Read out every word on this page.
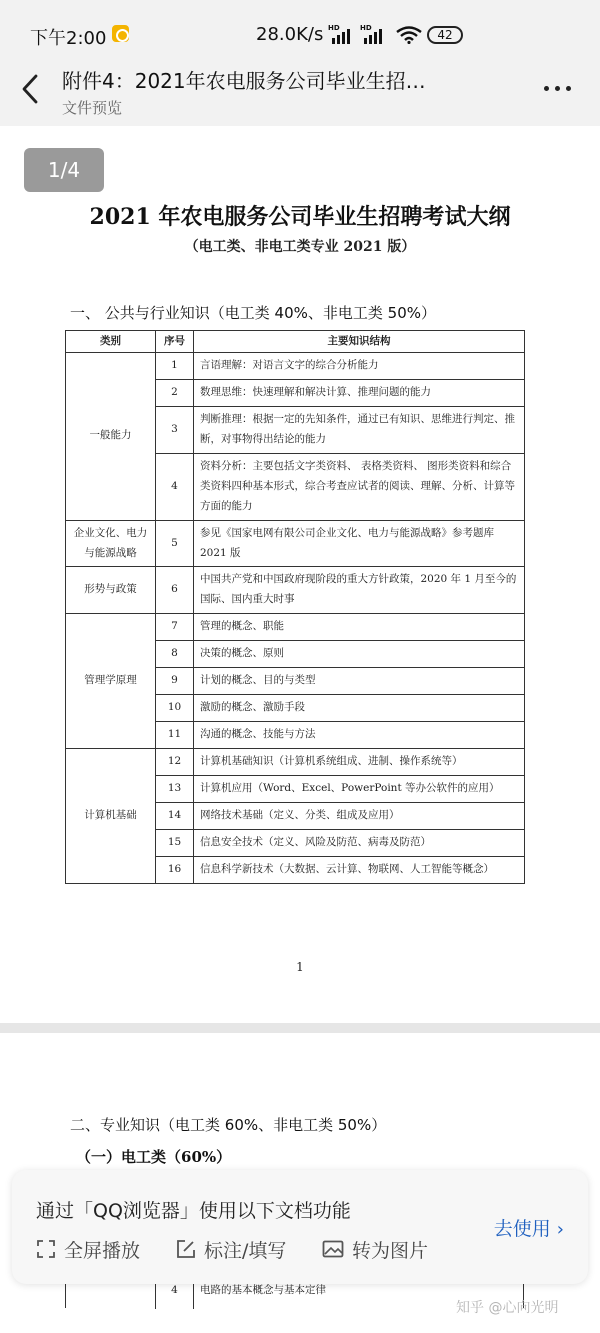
下午2:00	28.0K/s HD	HD	42
附件4：2021年农电服务公司毕业生招…
文件预览
1/4
2021 年农电服务公司毕业生招聘考试大纲
（电工类、非电工类专业 2021 版）
一、 公共与行业知识（电工类 40%、非电工类 50%）
类别	序号	主要知识结构
一般能力	1	言语理解：对语言文字的综合分析能力
	2	数理思维：快速理解和解决计算、推理问题的能力
	3	判断推理：根据一定的先知条件，通过已有知识、思维进行判定、推断，对事物得出结论的能力
	4	资料分析：主要包括文字类资料、 表格类资料、 图形类资料和综合类资料四种基本形式，综合考查应试者的阅读、理解、分析、计算等方面的能力
企业文化、电力与能源战略	5	参见《国家电网有限公司企业文化、电力与能源战略》参考题库 2021 版
形势与政策	6	中国共产党和中国政府现阶段的重大方针政策，2020 年 1 月至今的国际、国内重大时事
管理学原理	7	管理的概念、职能
	8	决策的概念、原则
	9	计划的概念、目的与类型
	10	激励的概念、激励手段
	11	沟通的概念、技能与方法
计算机基础	12	计算机基础知识（计算机系统组成、进制、操作系统等）
	13	计算机应用（Word、Excel、PowerPoint 等办公软件的应用）
	14	网络技术基础（定义、分类、组成及应用）
	15	信息安全技术（定义、风险及防范、病毒及防范）
	16	信息科学新技术（大数据、云计算、物联网、人工智能等概念）
1
二、专业知识（电工类 60%、非电工类 50%）
（一）电工类（60%）
4	电路的基本概念与基本定律
通过「QQ浏览器」使用以下文档功能
去使用 ›
全屏播放	标注/填写	转为图片
知乎 @心向光明
